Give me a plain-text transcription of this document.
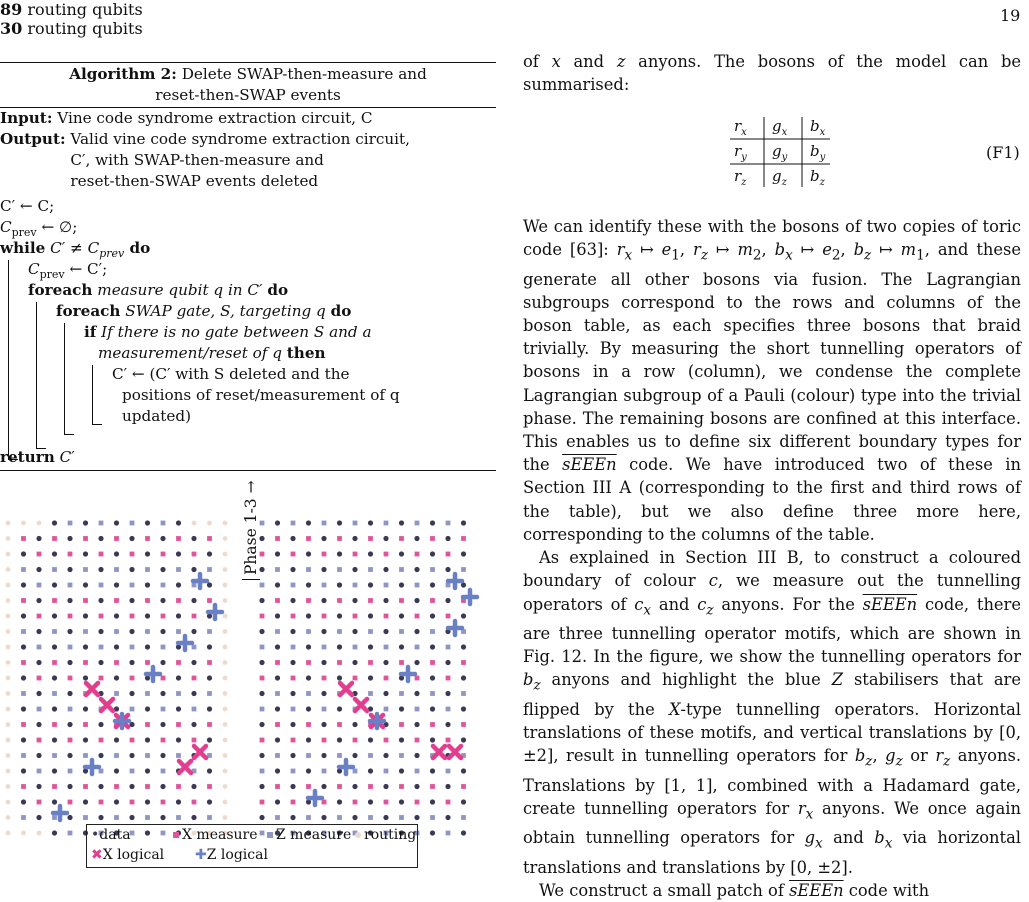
19
Algorithm 2: Delete SWAP-then-measure and
reset-then-SWAP events
Input:
Vine code syndrome extraction circuit, C
Output:
Valid vine code syndrome extraction circuit,
C′, with SWAP-then-measure and
reset-then-SWAP events deleted
C′ ← C;
$C_{prev}$ ← ∅;
while $C' \ne C_{prev}$ do
$C_{prev}$ ← C′;
foreach measure qubit q in C′ do
foreach SWAP gate, S, targeting q do
if If there is no gate between S and a
measurement/reset of q then
C′ ← (C′ with S deleted and the
positions of reset/measurement of q
updated)
return C′
89 routing qubits
30 routing qubits
Phase 1-3 →
•data	X measure	Z measure routing
✖X logical ✚Z logical

of x and z anyons. The bosons of the model can be summarised:

$r_x$ $g_x$ $b_x$
$r_y$ $g_y$ $b_y$
$r_z$ $g_z$ $b_z$
(F1)

We can identify these with the bosons of two copies of toric code [63]: $r_x$ ↦ $e_1$, $r_z$ ↦ $m_2$, $b_x$ ↦ $e_2$, $b_z$ ↦ $m_1$, and these generate all other bosons via fusion. The Lagrangian subgroups correspond to the rows and columns of the boson table, as each specifies three bosons that braid trivially. By measuring the short tunnelling operators of bosons in a row (column), we condense the complete Lagrangian subgroup of a Pauli (colour) type into the trivial phase. The remaining bosons are confined at this interface. This enables us to define six different boundary types for the sEEEn code. We have introduced two of these in Section III A (corresponding to the first and third rows of the table), but we also define three more here, corresponding to the columns of the table.

As explained in Section III B, to construct a coloured boundary of colour c, we measure out the tunnelling operators of $c_x$ and $c_z$ anyons. For the sEEEn code, there are three tunnelling operator motifs, which are shown in Fig. 12. In the figure, we show the tunnelling operators for $b_z$ anyons and highlight the blue Z stabilisers that are flipped by the X-type tunnelling operators. Horizontal translations of these motifs, and vertical translations by [0, ±2], result in tunnelling operators for $b_z$, $g_z$ or $r_z$ anyons. Translations by [1, 1], combined with a Hadamard gate, create tunnelling operators for $r_x$ anyons. We once again obtain tunnelling operators for $g_x$ and $b_x$ via horizontal translations and translations by [0, ±2].

We construct a small patch of sEEEn code with
